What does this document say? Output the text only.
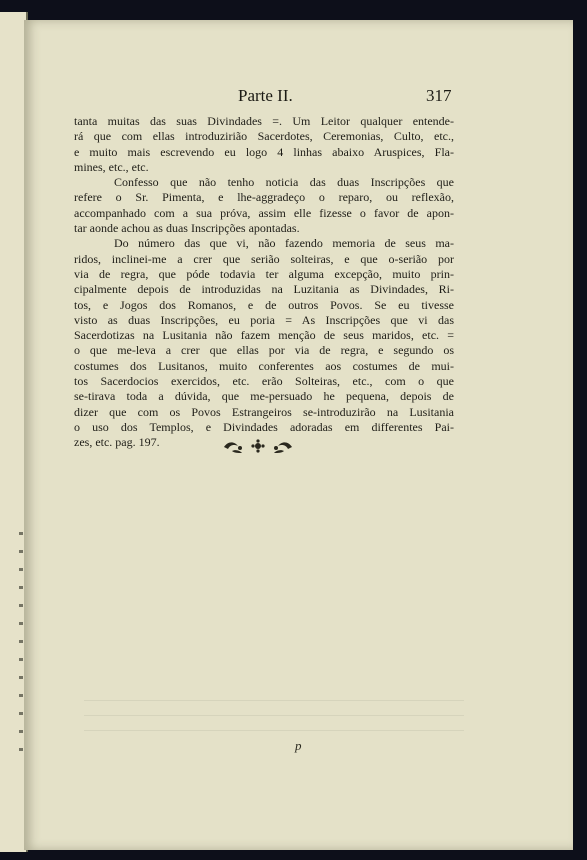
Parte II.	317
tanta muitas das suas Divindades =. Um Leitor qualquer entende-
rá que com ellas introduzirião Sacerdotes, Ceremonias, Culto, etc.,
e muito mais escrevendo eu logo 4 linhas abaixo Aruspices, Fla-
mines, etc., etc.
Confesso que não tenho noticia das duas Inscripções que
refere o Sr. Pimenta, e lhe-aggradeço o reparo, ou reflexão,
accompanhado com a sua próva, assim elle fizesse o favor de apon-
tar aonde achou as duas Inscripções apontadas.
Do número das que vi, não fazendo memoria de seus ma-
ridos, inclinei-me a crer que serião solteiras, e que o-serião por
via de regra, que póde todavia ter alguma excepção, muito prin-
cipalmente depois de introduzidas na Luzitania as Divindades, Ri-
tos, e Jogos dos Romanos, e de outros Povos. Se eu tivesse
visto as duas Inscripções, eu poria = As Inscripções que vi das
Sacerdotizas na Lusitania não fazem menção de seus maridos, etc. =
o que me-leva a crer que ellas por via de regra, e segundo os
costumes dos Lusitanos, muito conferentes aos costumes de mui-
tos Sacerdocios exercidos, etc. erão Solteiras, etc., com o que
se-tirava toda a dúvida, que me-persuado he pequena, depois de
dizer que com os Povos Estrangeiros se-introduzirão na Lusitania
o uso dos Templos, e Divindades adoradas em differentes Pai-
zes, etc. pag. 197.
p
